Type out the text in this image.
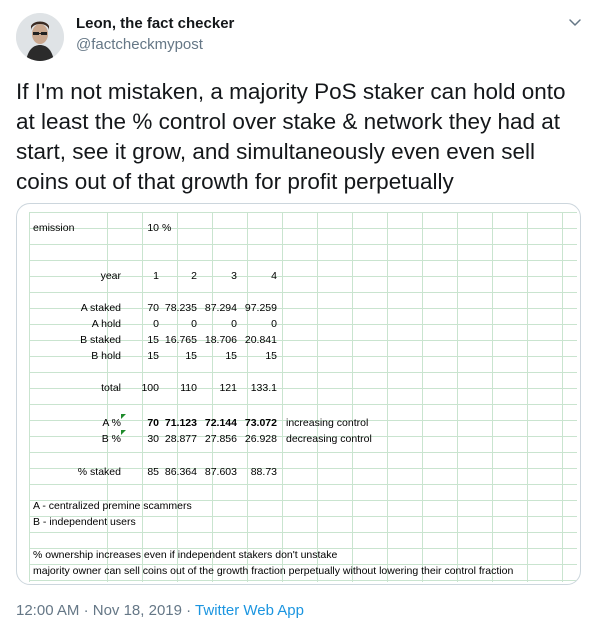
Leon, the fact checker
@factcheckmypost
If I'm not mistaken, a majority PoS staker can hold onto at least the % control over stake & network they had at start, see it grow, and simultaneously even even sell coins out of that growth for profit perpetually
emission	10 %
year	1	2	3	4
A staked	70 78.235 87.294 97.259
A hold	0	0	0	0
B staked	15 16.765 18.706 20.841
B hold	15	15	15	15
total	100	110	121	133.1
A %	70 71.123 72.144 73.072 increasing control
B %	30 28.877 27.856 26.928 decreasing control
% staked	85 86.364 87.603	88.73
A - centralized premine scammers
B - independent users
% ownership increases even if independent stakers don't unstake
majority owner can sell coins out of the growth fraction perpetually without lowering their control fraction
12:00 AM · Nov 18, 2019 · Twitter Web App
